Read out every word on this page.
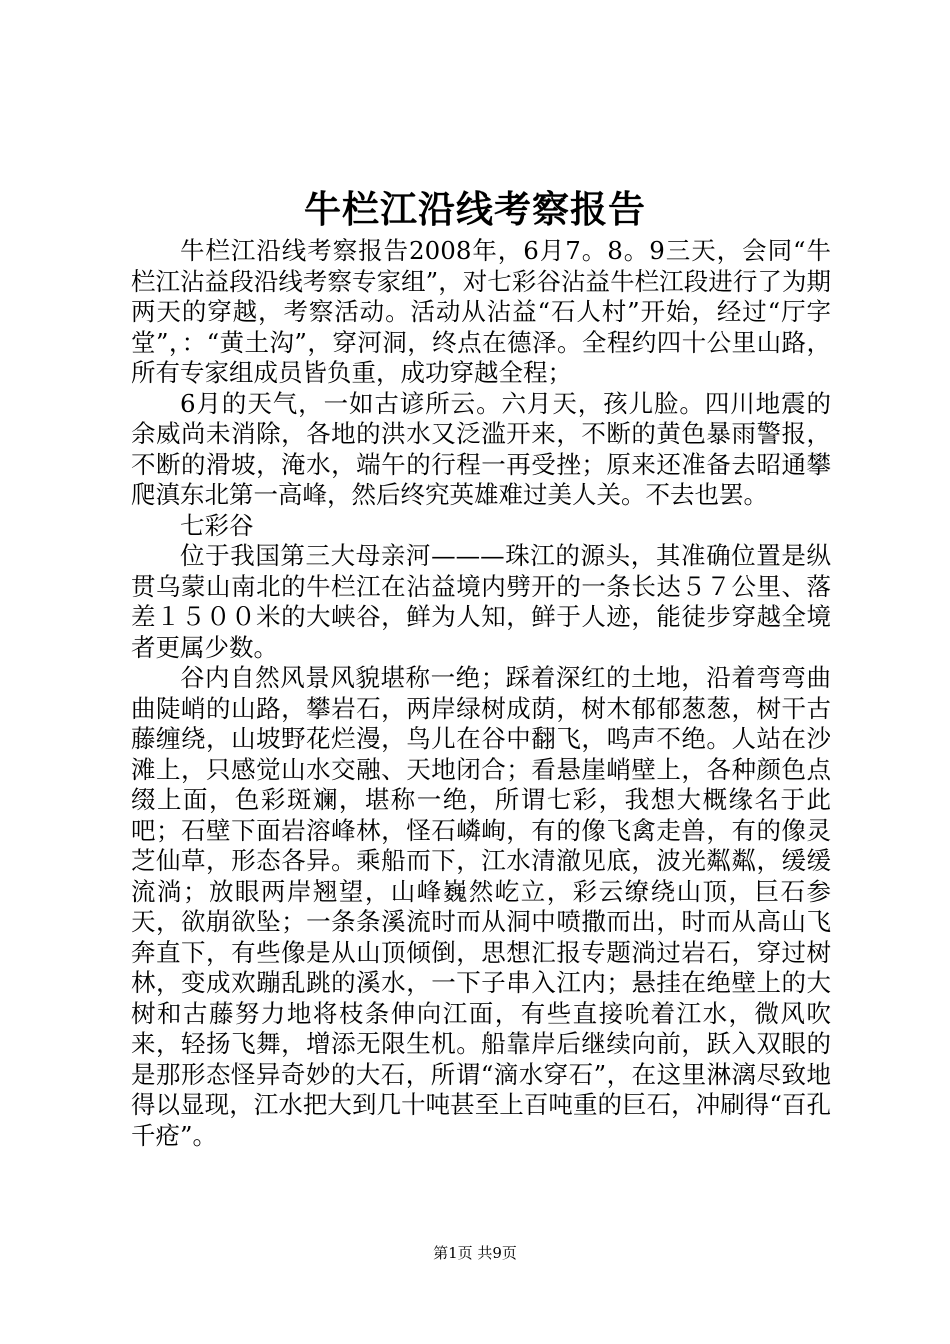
牛栏江沿线考察报告

牛栏江沿线考察报告2008年，6月7。8。9三天，会同“牛栏江沾益段沿线考察专家组”，对七彩谷沾益牛栏江段进行了为期两天的穿越，考察活动。活动从沾益“石人村”开始，经过“厅字堂”，：“黄土沟”，穿河洞，终点在德泽。全程约四十公里山路，所有专家组成员皆负重，成功穿越全程；

6月的天气，一如古谚所云。六月天，孩儿脸。四川地震的余威尚未消除，各地的洪水又泛滥开来，不断的黄色暴雨警报，不断的滑坡，淹水，端午的行程一再受挫；原来还准备去昭通攀爬滇东北第一高峰，然后终究英雄难过美人关。不去也罢。

七彩谷

位于我国第三大母亲河———珠江的源头，其准确位置是纵贯乌蒙山南北的牛栏江在沾益境内劈开的一条长达５７公里、落差１５００米的大峡谷，鲜为人知，鲜于人迹，能徒步穿越全境者更属少数。

谷内自然风景风貌堪称一绝；踩着深红的土地，沿着弯弯曲曲陡峭的山路，攀岩石，两岸绿树成荫，树木郁郁葱葱，树干古藤缠绕，山坡野花烂漫，鸟儿在谷中翻飞，鸣声不绝。人站在沙滩上，只感觉山水交融、天地闭合；看悬崖峭壁上，各种颜色点缀上面，色彩斑斓，堪称一绝，所谓七彩，我想大概缘名于此吧；石壁下面岩溶峰林，怪石嶙峋，有的像飞禽走兽，有的像灵芝仙草，形态各异。乘船而下，江水清澈见底，波光粼粼，缓缓流淌；放眼两岸翘望，山峰巍然屹立，彩云缭绕山顶，巨石参天，欲崩欲坠；一条条溪流时而从洞中喷撒而出，时而从高山飞奔直下，有些像是从山顶倾倒，思想汇报专题淌过岩石，穿过树林，变成欢蹦乱跳的溪水，一下子串入江内；悬挂在绝壁上的大树和古藤努力地将枝条伸向江面，有些直接吮着江水，微风吹来，轻扬飞舞，增添无限生机。船靠岸后继续向前，跃入双眼的是那形态怪异奇妙的大石，所谓“滴水穿石”，在这里淋漓尽致地得以显现，江水把大到几十吨甚至上百吨重的巨石，冲刷得“百孔千疮”。

第1页 共9页
